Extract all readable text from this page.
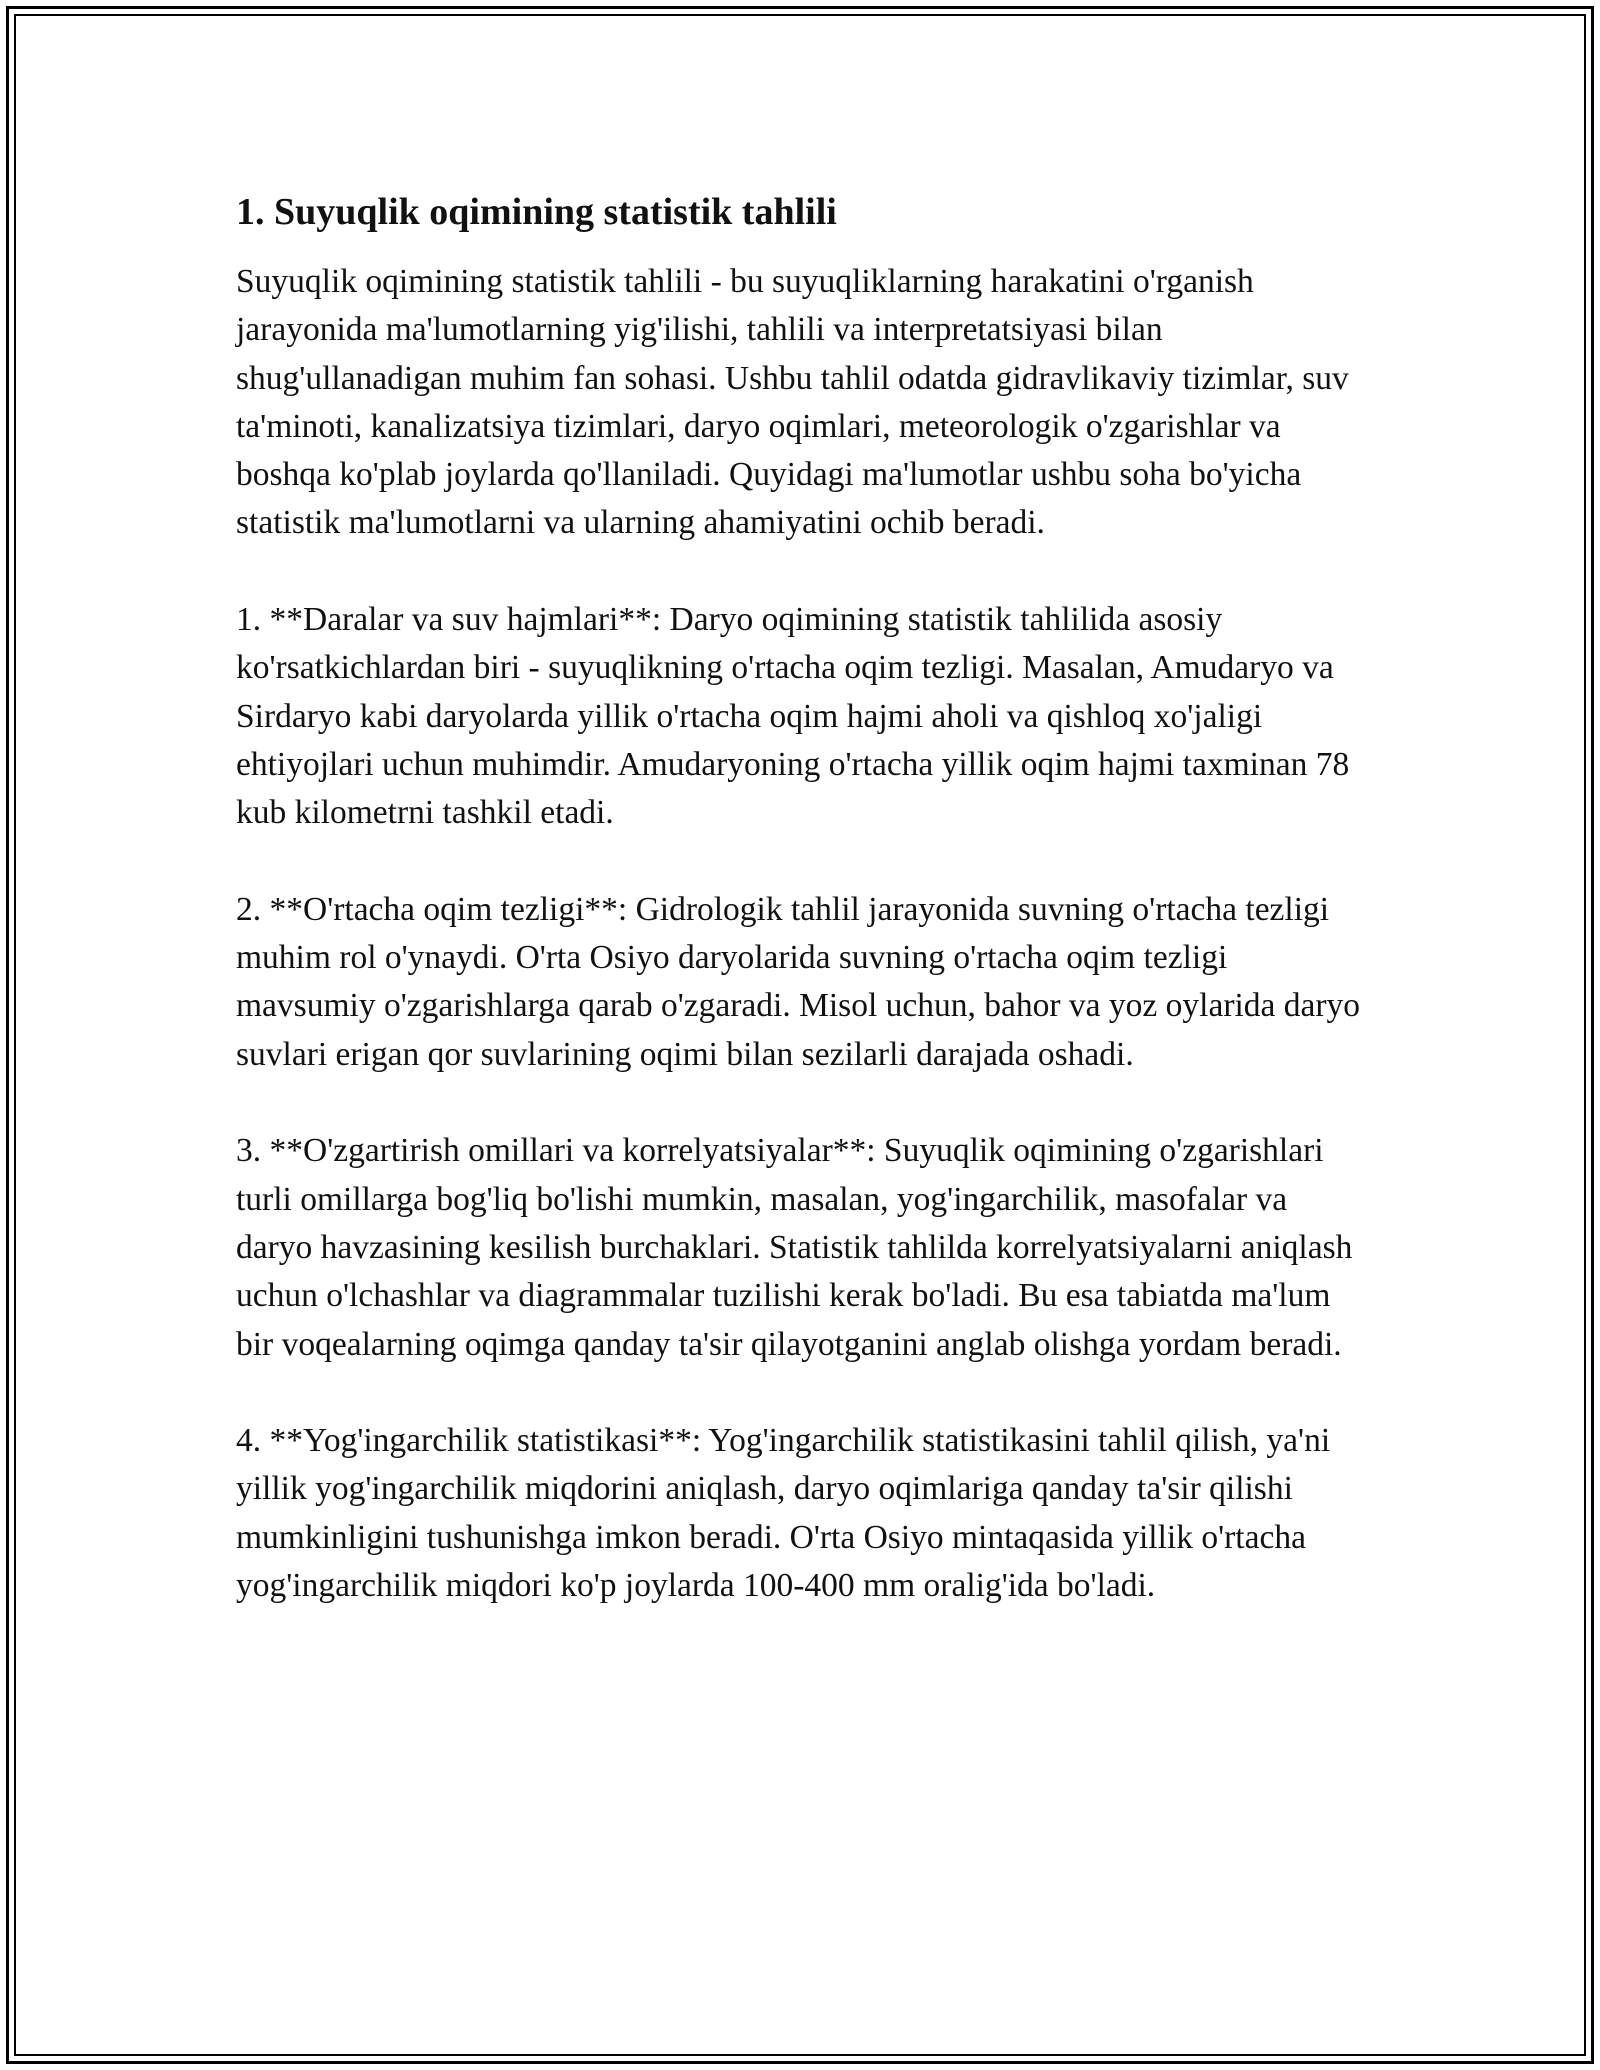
1. Suyuqlik oqimining statistik tahlili

Suyuqlik oqimining statistik tahlili - bu suyuqliklarning harakatini o'rganish jarayonida ma'lumotlarning yig'ilishi, tahlili va interpretatsiyasi bilan shug'ullanadigan muhim fan sohasi. Ushbu tahlil odatda gidravlikaviy tizimlar, suv ta'minoti, kanalizatsiya tizimlari, daryo oqimlari, meteorologik o'zgarishlar va boshqa ko'plab joylarda qo'llaniladi. Quyidagi ma'lumotlar ushbu soha bo'yicha statistik ma'lumotlarni va ularning ahamiyatini ochib beradi.

1. **Daralar va suv hajmlari**: Daryo oqimining statistik tahlilida asosiy ko'rsatkichlardan biri - suyuqlikning o'rtacha oqim tezligi. Masalan, Amudaryo va Sirdaryo kabi daryolarda yillik o'rtacha oqim hajmi aholi va qishloq xo'jaligi ehtiyojlari uchun muhimdir. Amudaryoning o'rtacha yillik oqim hajmi taxminan 78 kub kilometrni tashkil etadi.

2. **O'rtacha oqim tezligi**: Gidrologik tahlil jarayonida suvning o'rtacha tezligi muhim rol o'ynaydi. O'rta Osiyo daryolarida suvning o'rtacha oqim tezligi mavsumiy o'zgarishlarga qarab o'zgaradi. Misol uchun, bahor va yoz oylarida daryo suvlari erigan qor suvlarining oqimi bilan sezilarli darajada oshadi.

3. **O'zgartirish omillari va korrelyatsiyalar**: Suyuqlik oqimining o'zgarishlari turli omillarga bog'liq bo'lishi mumkin, masalan, yog'ingarchilik, masofalar va daryo havzasining kesilish burchaklari. Statistik tahlilda korrelyatsiyalarni aniqlash uchun o'lchashlar va diagrammalar tuzilishi kerak bo'ladi. Bu esa tabiatda ma'lum bir voqealarning oqimga qanday ta'sir qilayotganini anglab olishga yordam beradi.

4. **Yog'ingarchilik statistikasi**: Yog'ingarchilik statistikasini tahlil qilish, ya'ni yillik yog'ingarchilik miqdorini aniqlash, daryo oqimlariga qanday ta'sir qilishi mumkinligini tushunishga imkon beradi. O'rta Osiyo mintaqasida yillik o'rtacha yog'ingarchilik miqdori ko'p joylarda 100-400 mm oralig'ida bo'ladi.
